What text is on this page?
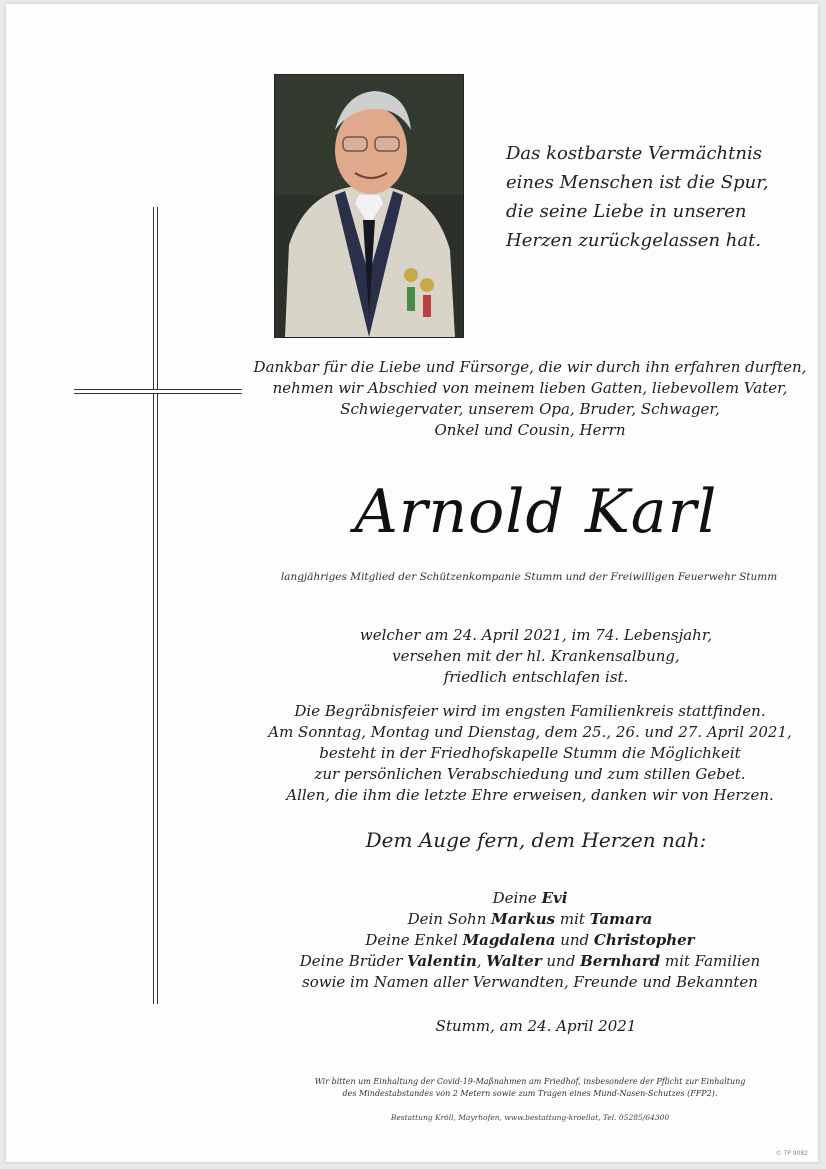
Das kostbarste Vermächtnis
eines Menschen ist die Spur,
die seine Liebe in unseren
Herzen zurückgelassen hat.
Dankbar für die Liebe und Fürsorge, die wir durch ihn erfahren durften,
nehmen wir Abschied von meinem lieben Gatten, liebevollem Vater,
Schwiegervater, unserem Opa, Bruder, Schwager,
Onkel und Cousin, Herrn
Arnold Karl
langjähriges Mitglied der Schützenkompanie Stumm und der Freiwilligen Feuerwehr Stumm
welcher am 24. April 2021, im 74. Lebensjahr,
versehen mit der hl. Krankensalbung,
friedlich entschlafen ist.
Die Begräbnisfeier wird im engsten Familienkreis stattfinden.
Am Sonntag, Montag und Dienstag, dem 25., 26. und 27. April 2021,
besteht in der Friedhofskapelle Stumm die Möglichkeit
zur persönlichen Verabschiedung und zum stillen Gebet.
Allen, die ihm die letzte Ehre erweisen, danken wir von Herzen.
Dem Auge fern, dem Herzen nah:
Deine Evi
Dein Sohn Markus mit Tamara
Deine Enkel Magdalena und Christopher
Deine Brüder Valentin, Walter und Bernhard mit Familien
sowie im Namen aller Verwandten, Freunde und Bekannten
Stumm, am 24. April 2021
Wir bitten um Einhaltung der Covid-19-Maßnahmen am Friedhof, insbesondere der Pflicht zur Einhaltung
des Mindestabstandes von 2 Metern sowie zum Tragen eines Mund-Nasen-Schutzes (FFP2).
Bestattung Kröll, Mayrhofen, www.bestattung-kroellat, Tel. 05285/64300
© TP 9082
